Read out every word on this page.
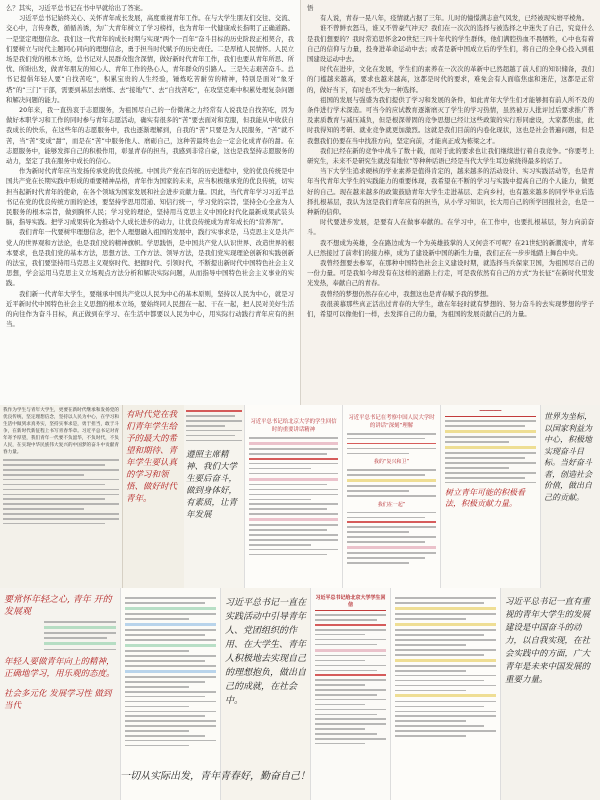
么？其实，习近平总书记在书中早就给出了答案。

习近平总书记始终关心、关怀青年成长发展，高度重视青年工作。在与大学生朋友们交往、交流、交心中，言传身教，循循善诱，为广大青年树立了学习榜样，也为青年一代健康成长指明了正确道路。一是坚定理想信念。我们这一代青年的成长时期与实现“两个一百年”奋斗目标的历史阶段正相契合，我们要树立与时代主题同心同向的理想信念，勇于担当时代赋予的历史责任。二是厚植人民情怀。人民立场是我们党的根本立场，总书记对人民群众饱含深情，做好新时代青年工作，我们也要从青年所思、所忧、所盼出发，做青年朋友的知心人、青年工作的热心人，青年群众的引路人。三是矢志艰苦奋斗。总书记提倡年轻人要“自找苦吃”，积累宝贵的人生经验，锤炼吃苦耐劳的精神，特别是面对“象牙塔”的“三门”干部，需要到基层去磨炼、去“接地气”、去“自找苦吃”，在攻坚克难中积累处理复杂问题和解决问题的能力。

20年来，我一直热衷于志愿服务，为祖国尽自己的一份微薄之力经常有人说我是自找苦吃，因为做好本职学习和工作的同时参与青年志愿活动，确实有很多的“苦”要去面对和克服，但我能从中收获自我成长的快乐，在这些年的志愿服务中，我也逐渐理解到，自我的“苦”只要是为人民服务，“苦”就不苦，当“苦”变成“甜”，而是在“苦”中服务他人、磨砺自己，这种苦最终也会一定会化成青春的甜。在志愿服务中，能够发挥自己的积极作用，彰显青春的担当，我感到非常自豪，这也是我坚持志愿服务的动力，坚定了我在服务中成长的信心。

作为新时代青年应当发扬传承党的优良传统。中国共产党在百年的历史进程中，党的优良传统是中国共产党在长期实践中形成的重要精神品格，青年作为国家的未来，应当积极继承党的优良传统，切实担当起新时代青年的使命，在各个领域为国家发展和社会进步贡献力量。因此，当代青年学习习近平总书记在党的优良传统方面的论述，要坚持学思用贯通、知信行统一，学习党的宗旨，坚持全心全意为人民服务的根本宗旨，做到胸怀人民；学习党的理论，坚持用马克思主义中国化时代化最新成果武装头脑，指导实践。把学习成果转化为推动个人成长进步的动力，让优良传统成为青年成长的“营养剂”。

我们青年一代要树牢理想信念，把个人理想融入祖国的发展中，践行实事求是，马克思主义是共产党人的世界观和方法论，也是我们党的精神旗帜。学思践悟，是中国共产党人认识世界、改造世界的根本要求，也是我们党的基本方法，思想方法、工作方法、领导方法，是我们党实现理论创新和实践创新的法宝，我们要坚持用马克思主义观察时代、把握时代、引领时代，不断提出新时代中国特色社会主义思想，学会运用马克思主义立场观点方法分析和解决实际问题，从而指导中国特色社会主义事业的实践。

我们新一代青年大学生，要继承中国共产党以人民为中心的基本原则，坚持以人民为中心，就是习近平新时代中国特色社会主义思想的根本立场，要始终同人民想在一起、干在一起，把人民对美好生活的向往作为奋斗目标，真正做到在学习、在生活中都要以人民为中心，用实际行动践行青年应有的担当。

悟

有人说，青春一晃八年，疫情就占据了三年。儿时的憧憬满志意气风发，已经被现实磨平棱角。

谁不曾鲜衣怒马，谁又不曾豪气冲天？我们在一次次的选择与被选择之中迷失了自己，究竟什么是我们想要的？我时常追思怀念20世纪三四十年代的学生群体，他们满腔热血不畏牺牲，心中也有着自己的信仰与力量，投身进革命运动中去；或者是新中国成立后的学生们，将自己的全身心投入到祖国建设运动中去。

时代在进步，文化在发展，学生们的素养在一次次的革新中已然超越了前人们的知识储备，我们的门槛越来越高，要求也越来越高，这都是时代的要求，难免会有人面临焦虑和迷茫，这都是正常的，做好当下，有时也不失为一种选择。

祖国的发展与强盛为我们提供了学习和发展的条件，如此青年大学生们才能够拥有前人所不及的条件进行学术深造。可当今的应试教育逐渐磨灭了学生的学习热情，虽然被万人批评过后要求推广普及素质教育与减压减负，但是根深蒂固的竞争思想已经让这些政策的实行形同虚设，大家都焦虑，此时我得知的考研、就业竞争就更加激烈。这就是我们目前的内卷化现状，这也是社会普遍问题，但是我想我们仍要在当中找准方向，坚定向前，才能真正成为栋梁之才。

我们已经在新的竞争中战斗了数十载，而对于此的要求也让我们继续进行着自我竞争。“你要考上研究生，未来不是研究生就没有地位”等种种话语已经是当代大学生耳边萦绕得最多的话了。

当下大学生追求硬核的学业素养是值得肯定的，越来越多的活动设计、实习实践活动等，也是青年当代青年大学生的实践能力的重要体现，我希望在不断的学习与实践中提高自己的个人能力，做更好的自己。现在越来越多的政策鼓励青年大学生走进基层、走向乡村，也有越来越多的同学毕业后选择扎根基层，我认为这是我们青年应有的担当，从小学习知识，长大用自己的所学回报社会，也是一种新的信仰。

时代要进步发展，是要有人在做事奉献的。在学习中，在工作中，也要扎根基层，努力向前奋斗。

我不想成为英雄，全在路边成为一个为英雄鼓掌的人又何尝不可呢？在21世纪的新潮流中，青年人已然接过了前辈们的接力棒，成为了建设新中国的新生力量，我们正在一步步地踏上舞台中央。

我曾经想要去参军，在那种中国特色社会主义建设时期，就选择当兵保家卫国，为祖国尽自己的一份力量。可是我如今却没有在这样的道路上行走，可是我依然有自己的方式“为长征”在新时代里发光发热，奉献自己的青春。

我曾经的梦想仍然存在心中，我想这也是青春赋予我的梦想。

我很羡慕那些真正活出过青春的大学生，敢在年轻时就有梦想的、努力奋斗的去实现梦想的学子们，希望可以像他们一样，去发挥自己的力量，为祖国的发展贡献自己的力量。

我作为学生与青年大学生，更要在新时代继承和发扬党的优良传统，坚定理想信念，坚持以人民为中心，在学习和生活中做到求真务实，坚持实事求是，勇于担当，敢于斗争，在新时代新征程上书写青春华章。习近平总书记对青年寄予厚望，我们青年一代要不负韶华，不负时代，不负人民，在实现中华民族伟大复兴的中国梦的奋斗中贡献青春力量。
有时代党在我们青年学生给予的最大的希望和期待、青年学生要认真的学习和领悟、做好时代青年。
遵照主席精神、我们大学生要后奋斗，做到身体好，有素质，让青年发展
习近平总书记给北京大学的学生回信时的重要讲话精神
习近平总书记在考察中国人民大学时的讲话“深刻”理解
我的“复兴和卫”
我们在一起”
━━━━━━━━
树立青年可能的积极看法，积极贡献力量。
世界为坐标，以国家利益为中心，积极地实现奋斗目标。当好奋斗者，创造社会价值，做出自己的贡献。
要常怀年轻之心, 青年 开的发展观
年轻人要做青年向上的精神，正确地学习，用乐观的态度。
社会多元化 发展学习性 做到当代
习近平总书记一直在实践活动中引导青年人、党团组织的作用、在大学生、青年人积极地去实现自己的理想抱负，做出自己的成就，在社会中。
习近平总书记给北京大学学生回信	习近平总书记一直有重视的青年大学生的发展建设是中国奋斗的动力，以自我实现，在社会实践中的方面，广大青年是未来中国发展的重要力量。
一切从实际出发，青年青春好，勤奋自己！
